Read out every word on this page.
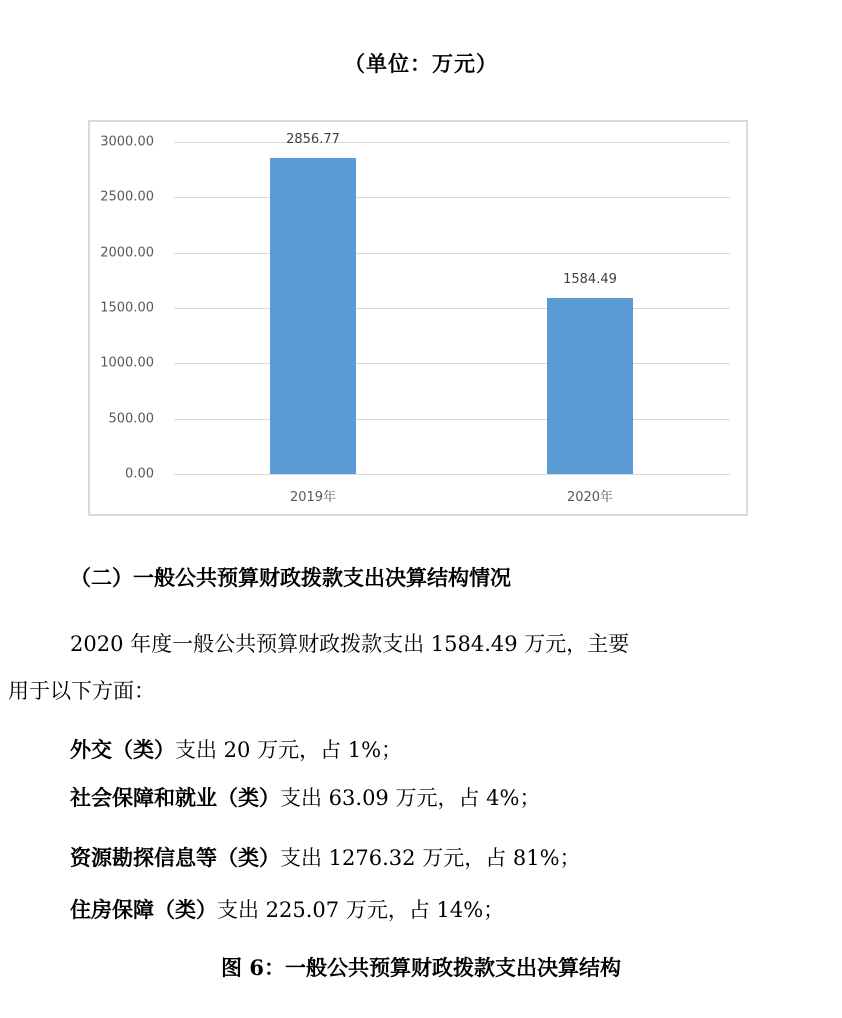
（单位：万元）
3000.00
2500.00
2000.00
1500.00
1000.00
500.00
0.00
2856.77
2019年
1584.49
2020年
（二）一般公共预算财政拨款支出决算结构情况
2020 年度一般公共预算财政拨款支出 1584.49 万元，主要
用于以下方面：
外交（类）支出 20 万元，占 1%；
社会保障和就业（类）支出 63.09 万元，占 4%；
资源勘探信息等（类）支出 1276.32 万元，占 81%；
住房保障（类）支出 225.07 万元，占 14%；
图 6：一般公共预算财政拨款支出决算结构
